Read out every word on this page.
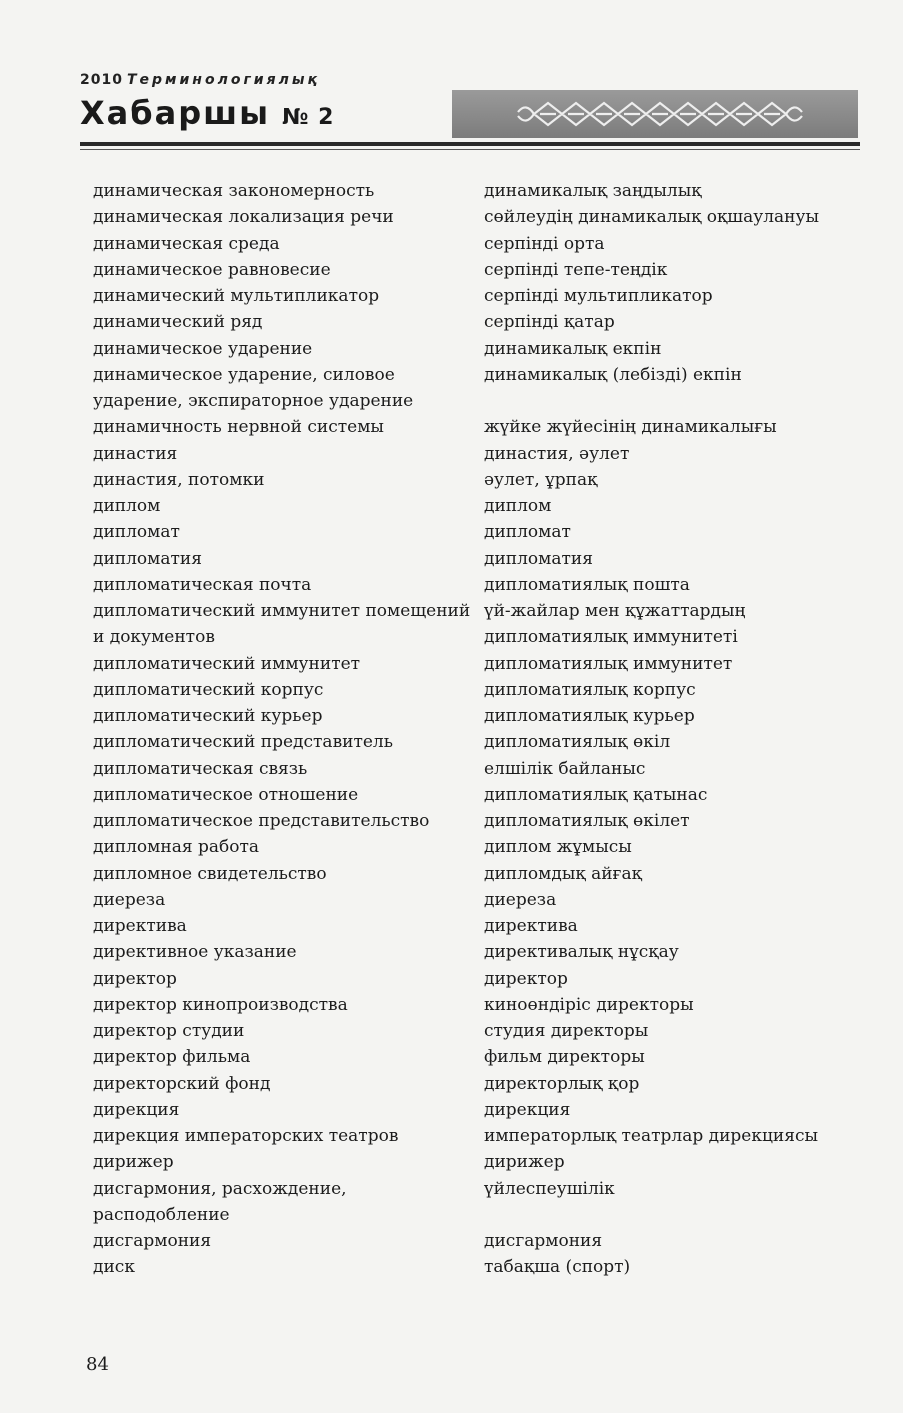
2010 Терминологиялық
Хабаршы № 2
динамическая закономерность
динамическая локализация речи
динамическая среда
динамическое равновесие
динамический мультипликатор
динамический ряд
динамическое ударение
динамическое ударение, силовое
ударение, экспираторное ударение
динамичность нервной системы
династия
династия, потомки
диплом
дипломат
дипломатия
дипломатическая почта
дипломатический иммунитет помещений
и документов
дипломатический иммунитет
дипломатический корпус
дипломатический курьер
дипломатический представитель
дипломатическая связь
дипломатическое отношение
дипломатическое представительство
дипломная работа
дипломное свидетельство
диереза
директива
директивное указание
директор
директор кинопроизводства
директор студии
директор фильма
директорский фонд
дирекция
дирекция императорских театров
дирижер
дисгармония, расхождение,
расподобление
дисгармония
диск
динамикалық заңдылық
сөйлеудің динамикалық оқшаулануы
серпінді орта
серпінді тепе-теңдік
серпінді мультипликатор
серпінді қатар
динамикалық екпін
динамикалық (лебізді) екпін
жүйке жүйесінің динамикалығы
династия, әулет
әулет, ұрпақ
диплом
дипломат
дипломатия
дипломатиялық пошта
үй-жайлар мен құжаттардың
дипломатиялық иммунитеті
дипломатиялық иммунитет
дипломатиялық корпус
дипломатиялық курьер
дипломатиялық өкіл
елшілік байланыс
дипломатиялық қатынас
дипломатиялық өкілет
диплом жұмысы
дипломдық айғақ
диереза
директива
директивалық нұсқау
директор
киноөндіріс директоры
студия директоры
фильм директоры
директорлық қор
дирекция
императорлық театрлар дирекциясы
дирижер
үйлеспеушілік
дисгармония
табақша (спорт)
84
